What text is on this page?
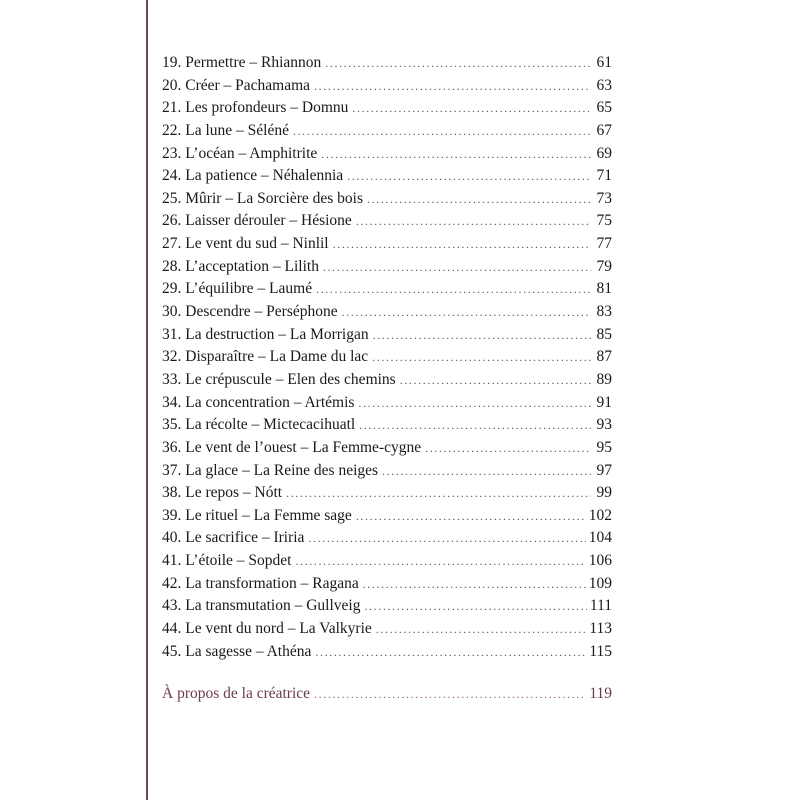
19. Permettre – Rhiannon .....	61
20. Créer – Pachamama .....	63
21. Les profondeurs – Domnu .....	65
22. La lune – Séléné .....	67
23. L’océan – Amphitrite .....	69
24. La patience – Néhalennia .....	71
25. Mûrir – La Sorcière des bois .....	73
26. Laisser dérouler – Hésione .....	75
27. Le vent du sud – Ninlil .....	77
28. L’acceptation – Lilith .....	79
29. L’équilibre – Laumé .....	81
30. Descendre – Perséphone .....	83
31. La destruction – La Morrigan .....	85
32. Disparaître – La Dame du lac .....	87
33. Le crépuscule – Elen des chemins .....	89
34. La concentration – Artémis .....	91
35. La récolte – Mictecacihuatl .....	93
36. Le vent de l’ouest – La Femme-cygne .....	95
37. La glace – La Reine des neiges .....	97
38. Le repos – Nótt .....	99
39. Le rituel – La Femme sage .....	102
40. Le sacrifice – Iriria .....	104
41. L’étoile – Sopdet .....	106
42. La transformation – Ragana .....	109
43. La transmutation – Gullveig .....	111
44. Le vent du nord – La Valkyrie .....	113
45. La sagesse – Athéna .....	115
À propos de la créatrice .....	119
